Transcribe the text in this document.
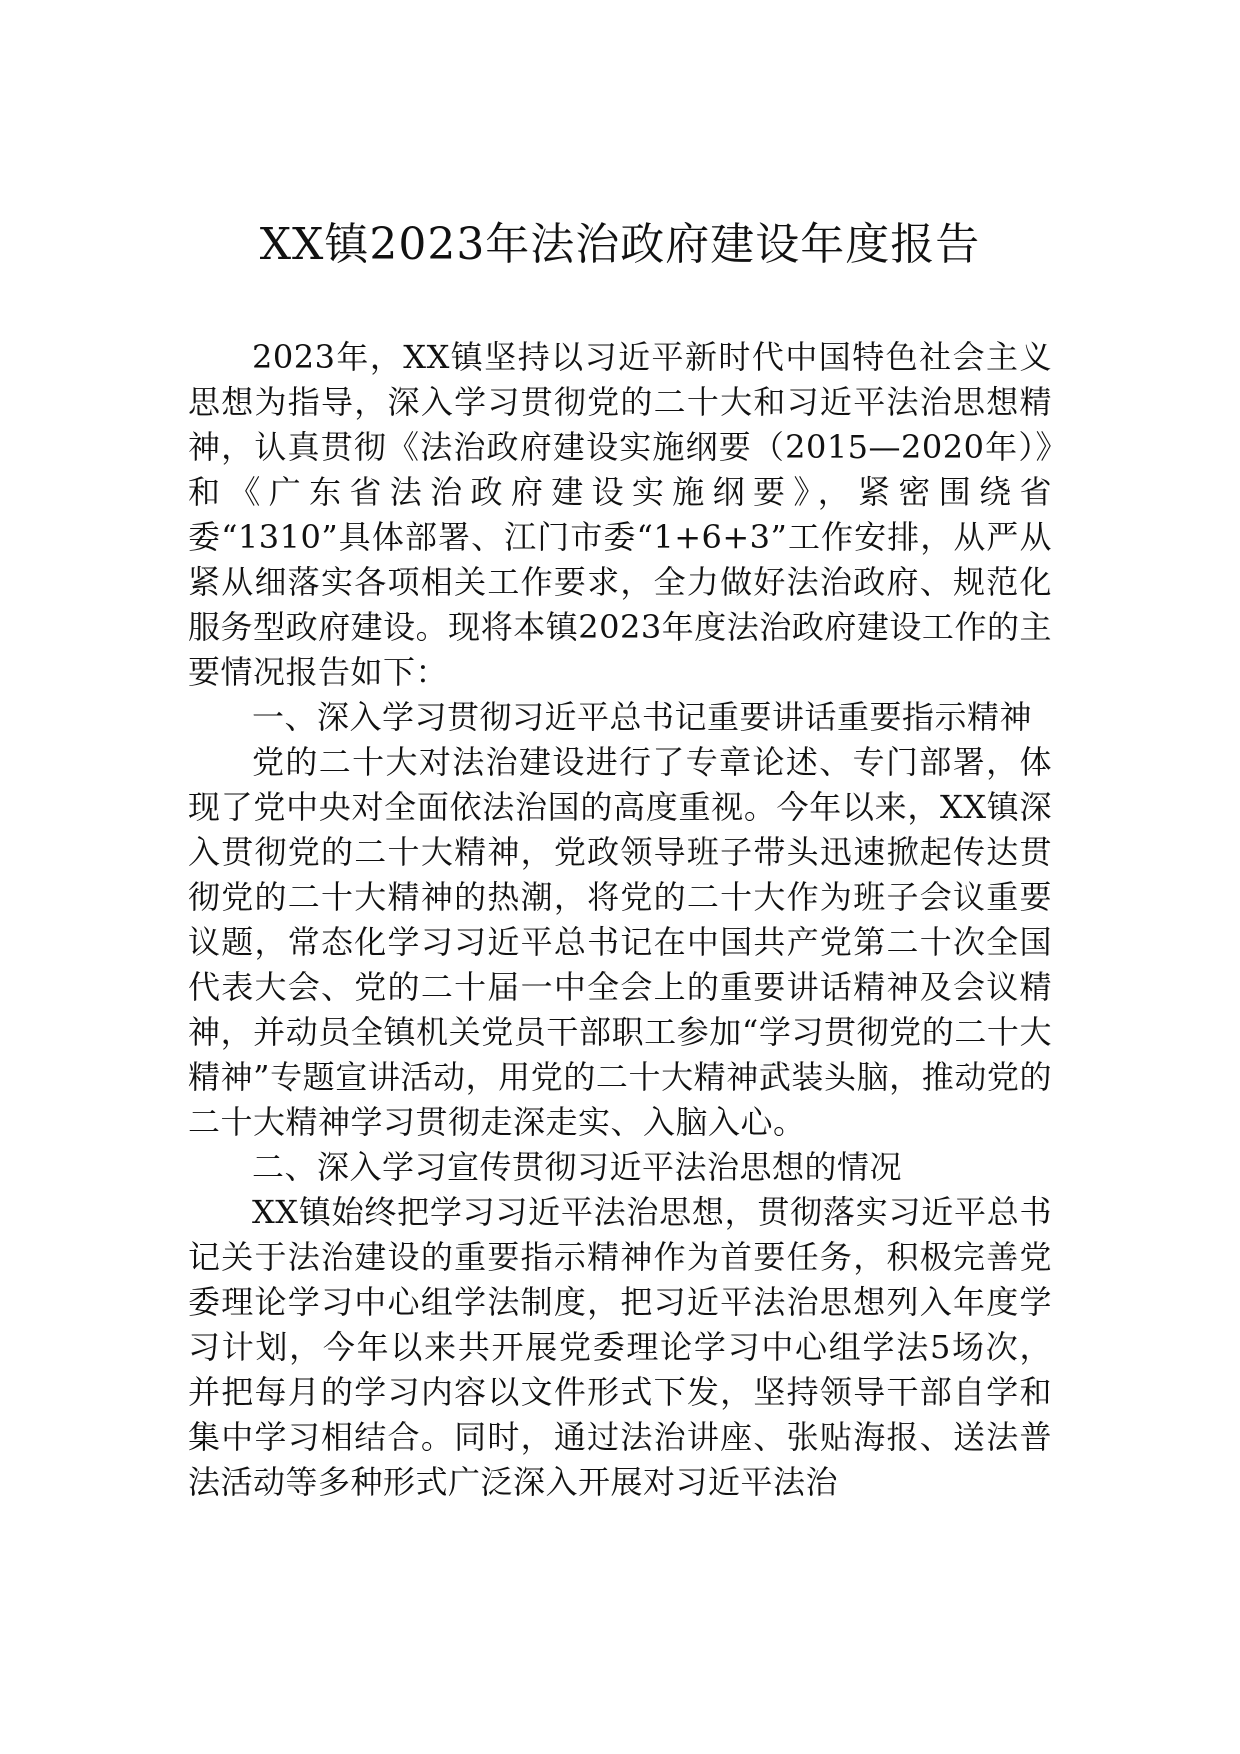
XX镇2023年法治政府建设年度报告

2023年，XX镇坚持以习近平新时代中国特色社会主义思想为指导，深入学习贯彻党的二十大和习近平法治思想精神，认真贯彻《法治政府建设实施纲要（2015—2020年）》和《广东省法治政府建设实施纲要》，紧密围绕省委“1310”具体部署、江门市委“1+6+3”工作安排，从严从紧从细落实各项相关工作要求，全力做好法治政府、规范化服务型政府建设。现将本镇2023年度法治政府建设工作的主要情况报告如下：

一、深入学习贯彻习近平总书记重要讲话重要指示精神

党的二十大对法治建设进行了专章论述、专门部署，体现了党中央对全面依法治国的高度重视。今年以来，XX镇深入贯彻党的二十大精神，党政领导班子带头迅速掀起传达贯彻党的二十大精神的热潮，将党的二十大作为班子会议重要议题，常态化学习习近平总书记在中国共产党第二十次全国代表大会、党的二十届一中全会上的重要讲话精神及会议精神，并动员全镇机关党员干部职工参加“学习贯彻党的二十大精神”专题宣讲活动，用党的二十大精神武装头脑，推动党的二十大精神学习贯彻走深走实、入脑入心。

二、深入学习宣传贯彻习近平法治思想的情况

XX镇始终把学习习近平法治思想，贯彻落实习近平总书记关于法治建设的重要指示精神作为首要任务，积极完善党委理论学习中心组学法制度，把习近平法治思想列入年度学习计划，今年以来共开展党委理论学习中心组学法5场次，并把每月的学习内容以文件形式下发，坚持领导干部自学和集中学习相结合。同时，通过法治讲座、张贴海报、送法普法活动等多种形式广泛深入开展对习近平法治
